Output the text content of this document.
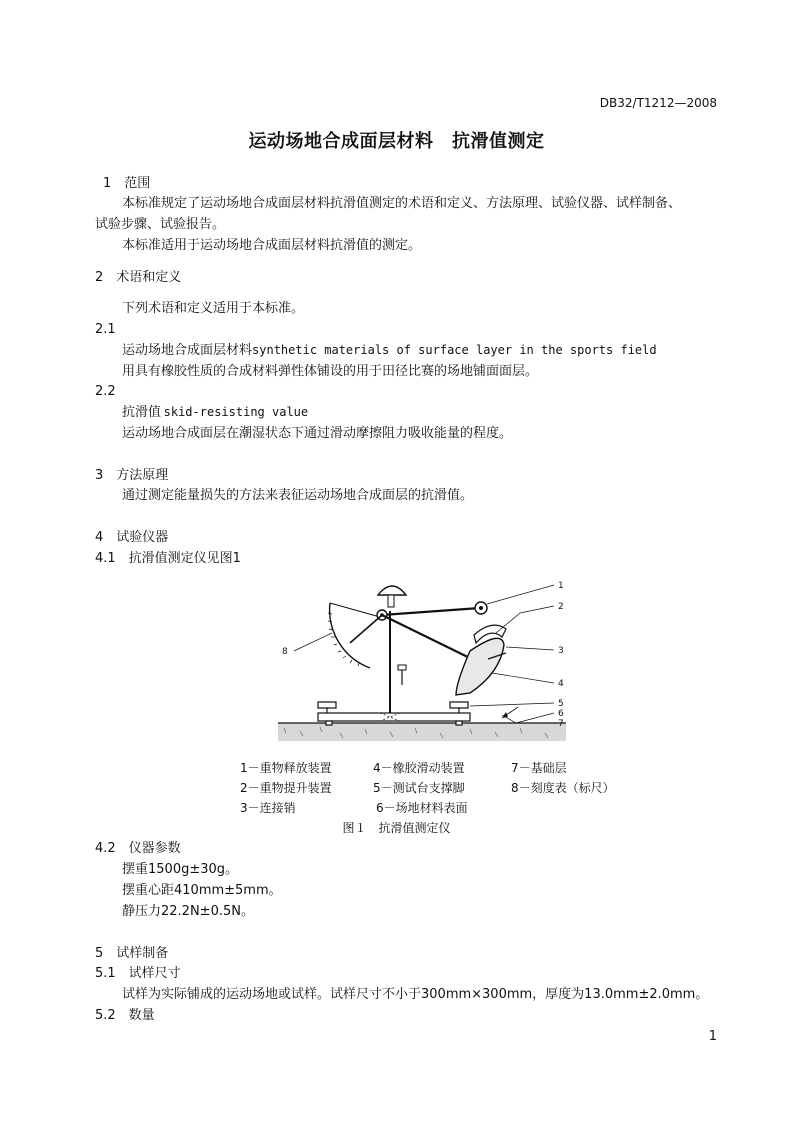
DB32/T1212—2008
运动场地合成面层材料　抗滑值测定
1　范围
本标准规定了运动场地合成面层材料抗滑值测定的术语和定义、方法原理、试验仪器、试样制备、
试验步骤、试验报告。
本标准适用于运动场地合成面层材料抗滑值的测定。
2　术语和定义
下列术语和定义适用于本标准。
2.1
运动场地合成面层材料synthetic materials of surface layer in the sports field
用具有橡胶性质的合成材料弹性体铺设的用于田径比赛的场地铺面面层。
2.2
抗滑值  skid-resisting value
运动场地合成面层在潮湿状态下通过滑动摩擦阻力吸收能量的程度。
3　方法原理
通过测定能量损失的方法来表征运动场地合成面层的抗滑值。
4　试验仪器
4.1　抗滑值测定仪见图1
1
2
3
4
5
6
7
8
1－重物释放装置	4－橡胶滑动装置	7－基础层
2－重物提升装置	5－测试台支撑脚	8－刻度表（标尺）
3－连接销	6－场地材料表面
图１　抗滑值测定仪
4.2　仪器参数
摆重1500g±30g。
摆重心距410mm±5mm。
静压力22.2N±0.5N。
5　试样制备
5.1　试样尺寸
试样为实际铺成的运动场地或试样。试样尺寸不小于300mm×300mm，厚度为13.0mm±2.0mm。
5.2　数量
1
